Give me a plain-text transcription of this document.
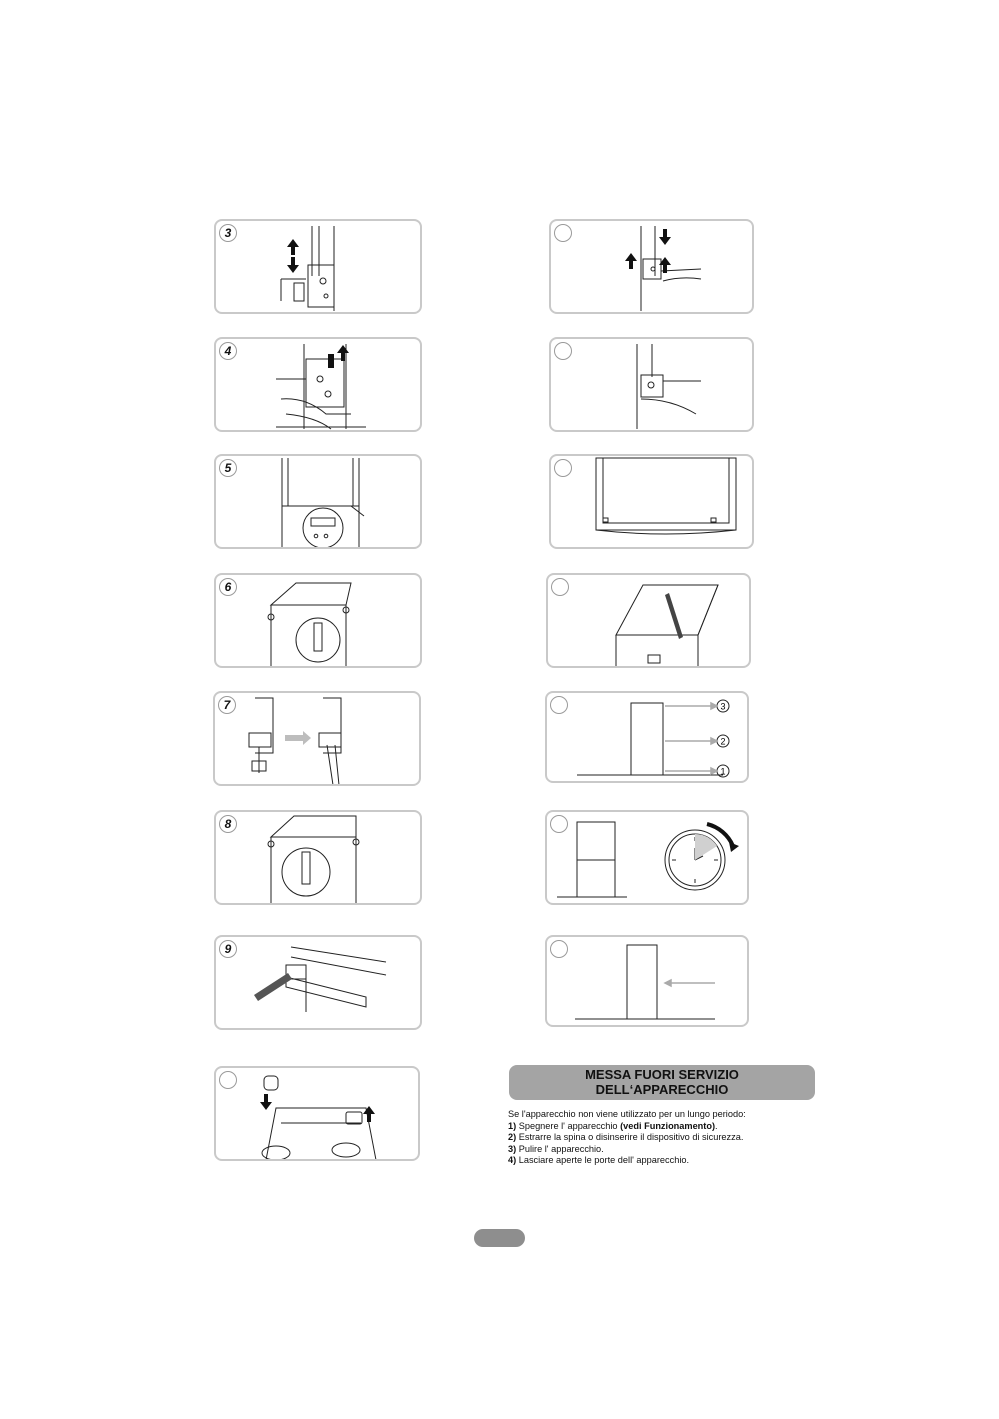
3
4
5
6
7
8
9
3
2
1
MESSA FUORI SERVIZIO
DELL‘APPARECCHIO
Se l'apparecchio non viene utilizzato per un lungo periodo:
1) Spegnere l' apparecchio (vedi Funzionamento).
2) Estrarre la spina o disinserire il dispositivo di sicurezza.
3) Pulire l' apparecchio.
4) Lasciare aperte le porte dell' apparecchio.
